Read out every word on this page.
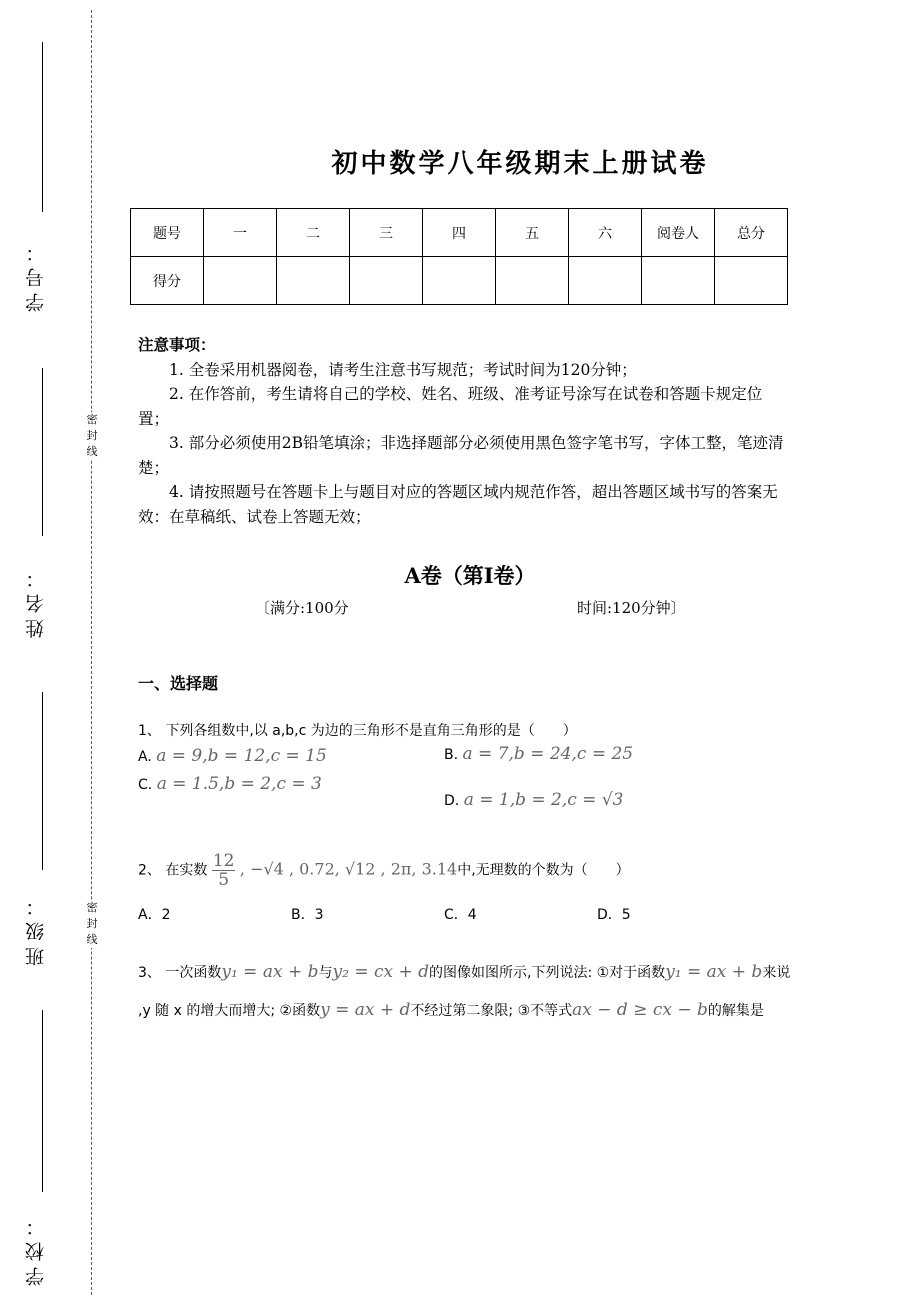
学号：
姓名：
班级：
学校：
密封线
密封线
初中数学八年级期末上册试卷
题号	一	二	三	四	五	六	阅卷人	总分
得分								
注意事项：

1. 全卷采用机器阅卷，请考生注意书写规范；考试时间为120分钟；

2. 在作答前，考生请将自己的学校、姓名、班级、准考证号涂写在试卷和答题卡规定位置；

3. 部分必须使用2B铅笔填涂；非选择题部分必须使用黑色签字笔书写，字体工整，笔迹清楚；

4. 请按照题号在答题卡上与题目对应的答题区域内规范作答，超出答题区域书写的答案无效：在草稿纸、试卷上答题无效；

A卷（第I卷）
〔满分:100分	时间:120分钟〕
一、选择题
1、 下列各组数中,以 a,b,c 为边的三角形不是直角三角形的是（　　）
A. a = 9,b = 12,c = 15	B. a = 7,b = 24,c = 25
C. a = 1.5,b = 2,c = 3
D. a = 1,b = 2,c = √3
2、 在实数 $\frac{12}{5}$ , −√4 , 0.72, √12 , 2π, 3.14中,无理数的个数为（　　）
A．2	B．3	C．4	D．5
3、 一次函数y₁ = ax + b与y₂ = cx + d的图像如图所示,下列说法: ①对于函数y₁ = ax + b来说
,y 随 x 的增大而增大; ②函数y = ax + d不经过第二象限; ③不等式ax − d ≥ cx − b的解集是
